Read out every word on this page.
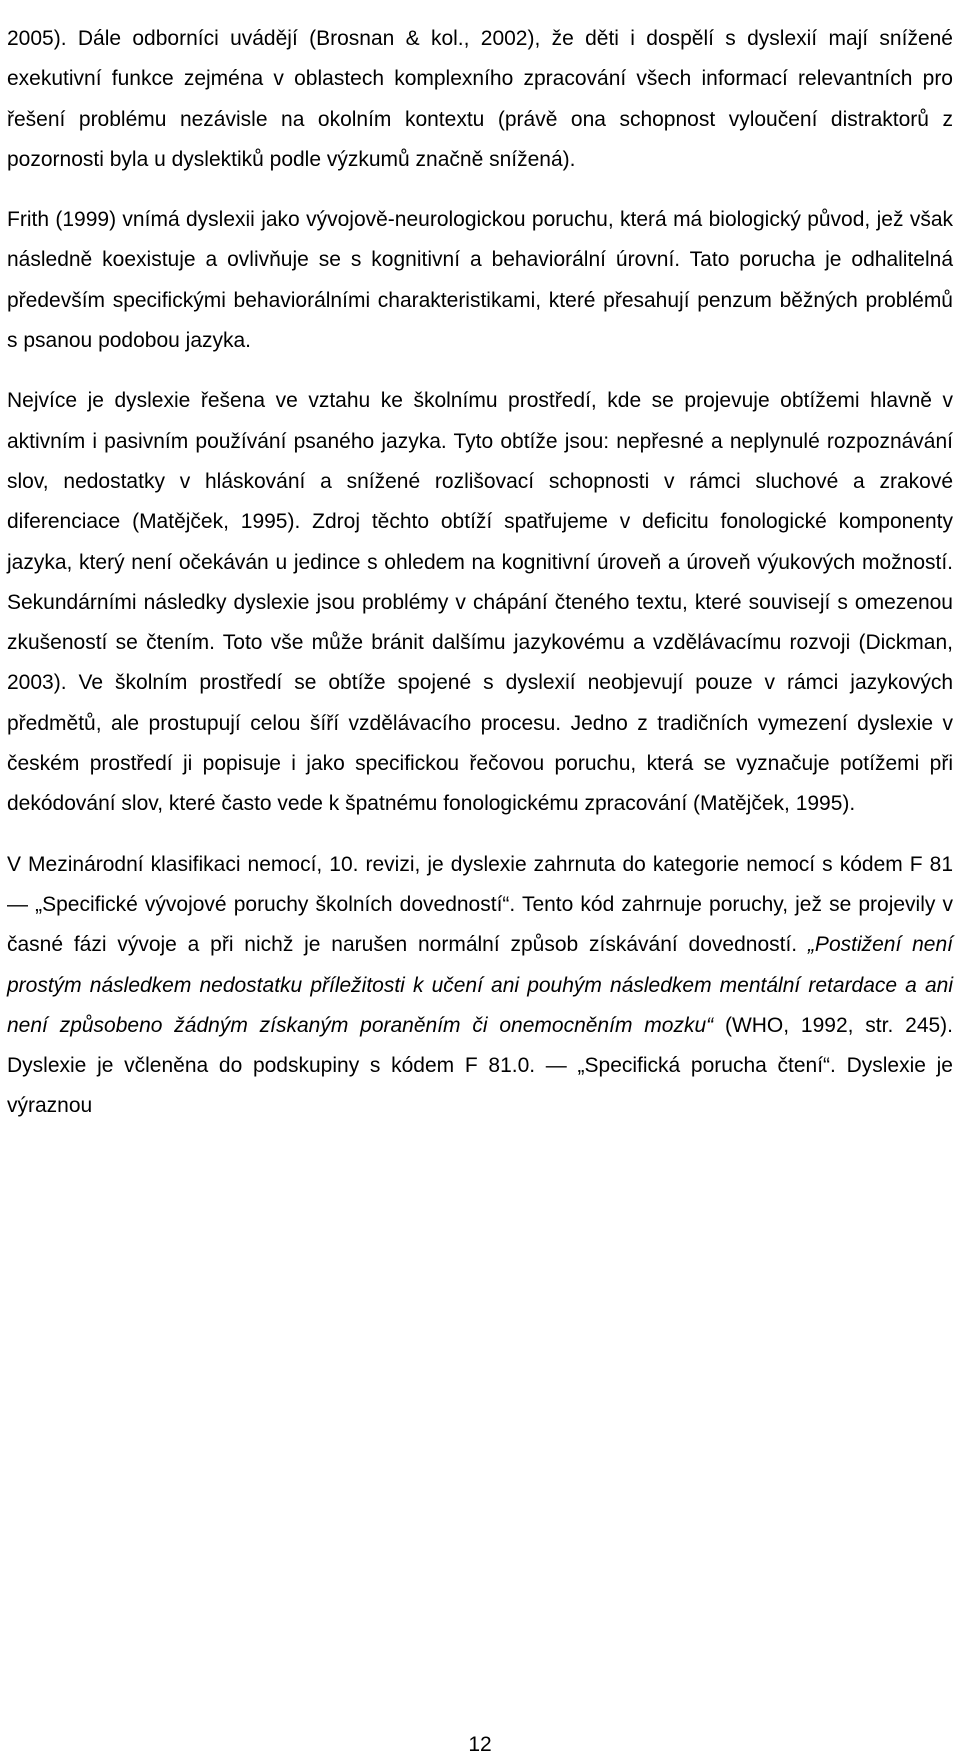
2005). Dále odborníci uvádějí (Brosnan & kol., 2002), že děti i dospělí s dyslexií mají snížené exekutivní funkce zejména v oblastech komplexního zpracování všech informací relevantních pro řešení problému nezávisle na okolním kontextu (právě ona schopnost vyloučení distraktorů z pozornosti byla u dyslektiků podle výzkumů značně snížená).

Frith (1999) vnímá dyslexii jako vývojově-neurologickou poruchu, která má biologický původ, jež však následně koexistuje a ovlivňuje se s kognitivní a behaviorální úrovní. Tato porucha je odhalitelná především specifickými behaviorálními charakteristikami, které přesahují penzum běžných problémů s psanou podobou jazyka.

Nejvíce je dyslexie řešena ve vztahu ke školnímu prostředí, kde se projevuje obtížemi hlavně v aktivním i pasivním používání psaného jazyka. Tyto obtíže jsou: nepřesné a neplynulé rozpoznávání slov, nedostatky v hláskování a snížené rozlišovací schopnosti v rámci sluchové a zrakové diferenciace (Matějček, 1995). Zdroj těchto obtíží spatřujeme v deficitu fonologické komponenty jazyka, který není očekáván u jedince s ohledem na kognitivní úroveň a úroveň výukových možností. Sekundárními následky dyslexie jsou problémy v chápání čteného textu, které souvisejí s omezenou zkušeností se čtením. Toto vše může bránit dalšímu jazykovému a vzdělávacímu rozvoji (Dickman, 2003). Ve školním prostředí se obtíže spojené s dyslexií neobjevují pouze v rámci jazykových předmětů, ale prostupují celou šíří vzdělávacího procesu. Jedno z tradičních vymezení dyslexie v českém prostředí ji popisuje i jako specifickou řečovou poruchu, která se vyznačuje potížemi při dekódování slov, které často vede k špatnému fonologickému zpracování (Matějček, 1995).

V Mezinárodní klasifikaci nemocí, 10. revizi, je dyslexie zahrnuta do kategorie nemocí s kódem F 81 — „Specifické vývojové poruchy školních dovedností“. Tento kód zahrnuje poruchy, jež se projevily v časné fázi vývoje a při nichž je narušen normální způsob získávání dovedností. „Postižení není prostým následkem nedostatku příležitosti k učení ani pouhým následkem mentální retardace a ani není způsobeno žádným získaným poraněním či onemocněním mozku“ (WHO, 1992, str. 245). Dyslexie je včleněna do podskupiny s kódem F 81.0. — „Specifická porucha čtení“. Dyslexie je výraznou

12
